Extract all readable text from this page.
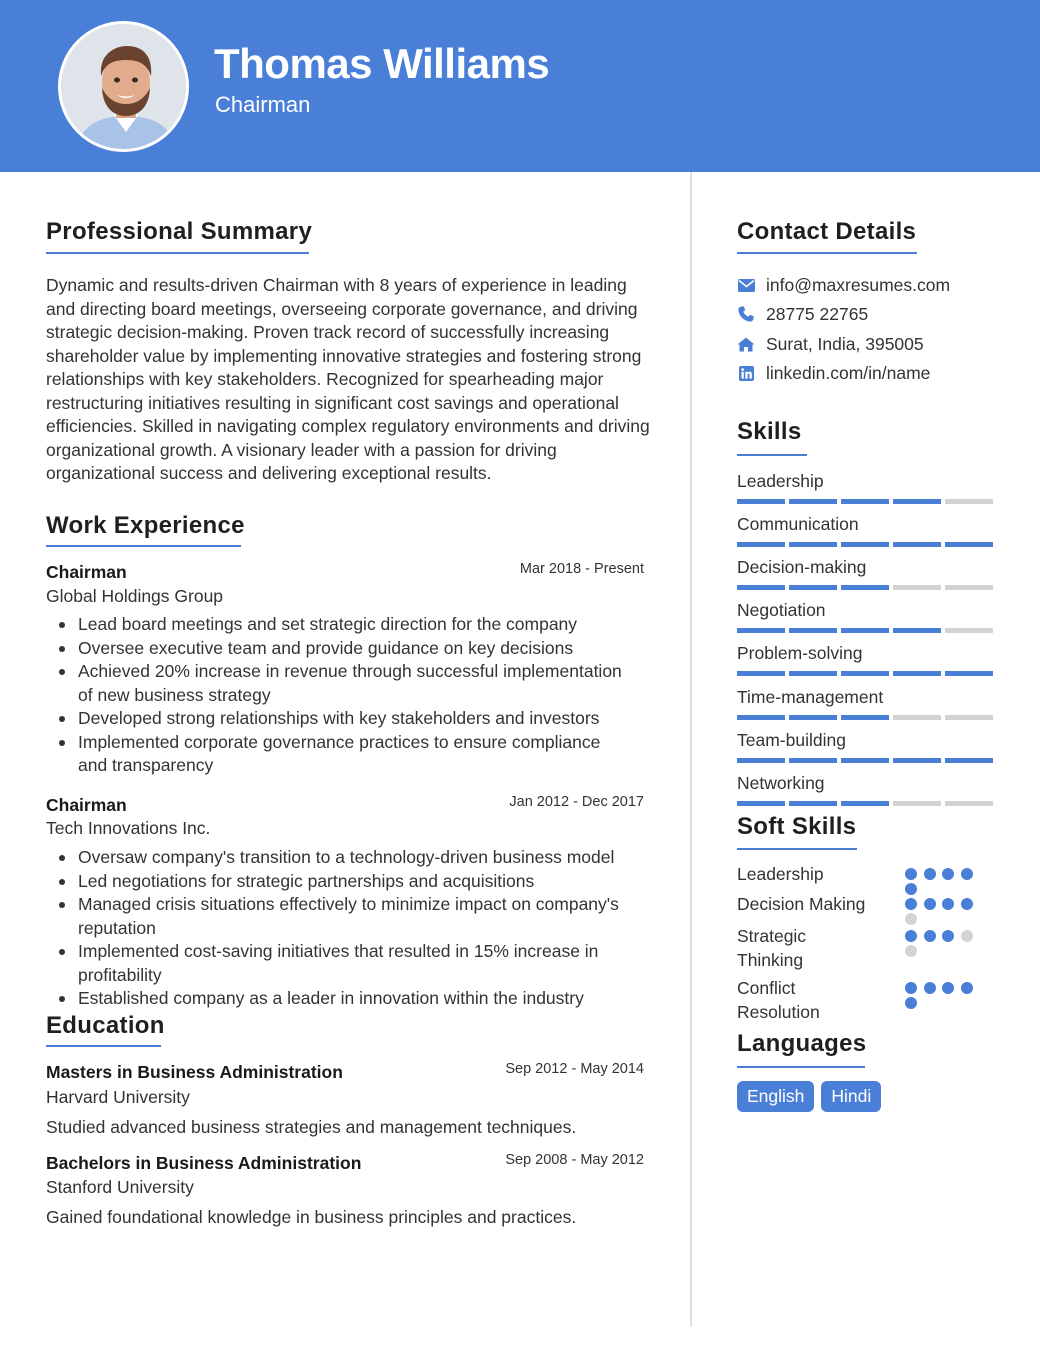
Thomas Williams
Chairman
Professional Summary
Dynamic and results-driven Chairman with 8 years of experience in leading and directing board meetings, overseeing corporate governance, and driving strategic decision-making. Proven track record of successfully increasing shareholder value by implementing innovative strategies and fostering strong relationships with key stakeholders. Recognized for spearheading major restructuring initiatives resulting in significant cost savings and operational efficiencies. Skilled in navigating complex regulatory environments and driving organizational growth. A visionary leader with a passion for driving organizational success and delivering exceptional results.
Work Experience
Chairman	Mar 2018 - Present
Global Holdings Group
Lead board meetings and set strategic direction for the company
Oversee executive team and provide guidance on key decisions
Achieved 20% increase in revenue through successful implementation of new business strategy
Developed strong relationships with key stakeholders and investors
Implemented corporate governance practices to ensure compliance and transparency
Chairman	Jan 2012 - Dec 2017
Tech Innovations Inc.
Oversaw company's transition to a technology-driven business model
Led negotiations for strategic partnerships and acquisitions
Managed crisis situations effectively to minimize impact on company's reputation
Implemented cost-saving initiatives that resulted in 15% increase in profitability
Established company as a leader in innovation within the industry
Education
Masters in Business Administration	Sep 2012 - May 2014
Harvard University
Studied advanced business strategies and management techniques.
Bachelors in Business Administration	Sep 2008 - May 2012
Stanford University
Gained foundational knowledge in business principles and practices.
Contact Details
info@maxresumes.com
28775 22765
Surat, India, 395005
linkedin.com/in/name
Skills
Leadership
Communication
Decision-making
Negotiation
Problem-solving
Time-management
Team-building
Networking
Soft Skills
Leadership
Decision Making
Strategic Thinking
Conflict Resolution
Languages
English	Hindi
